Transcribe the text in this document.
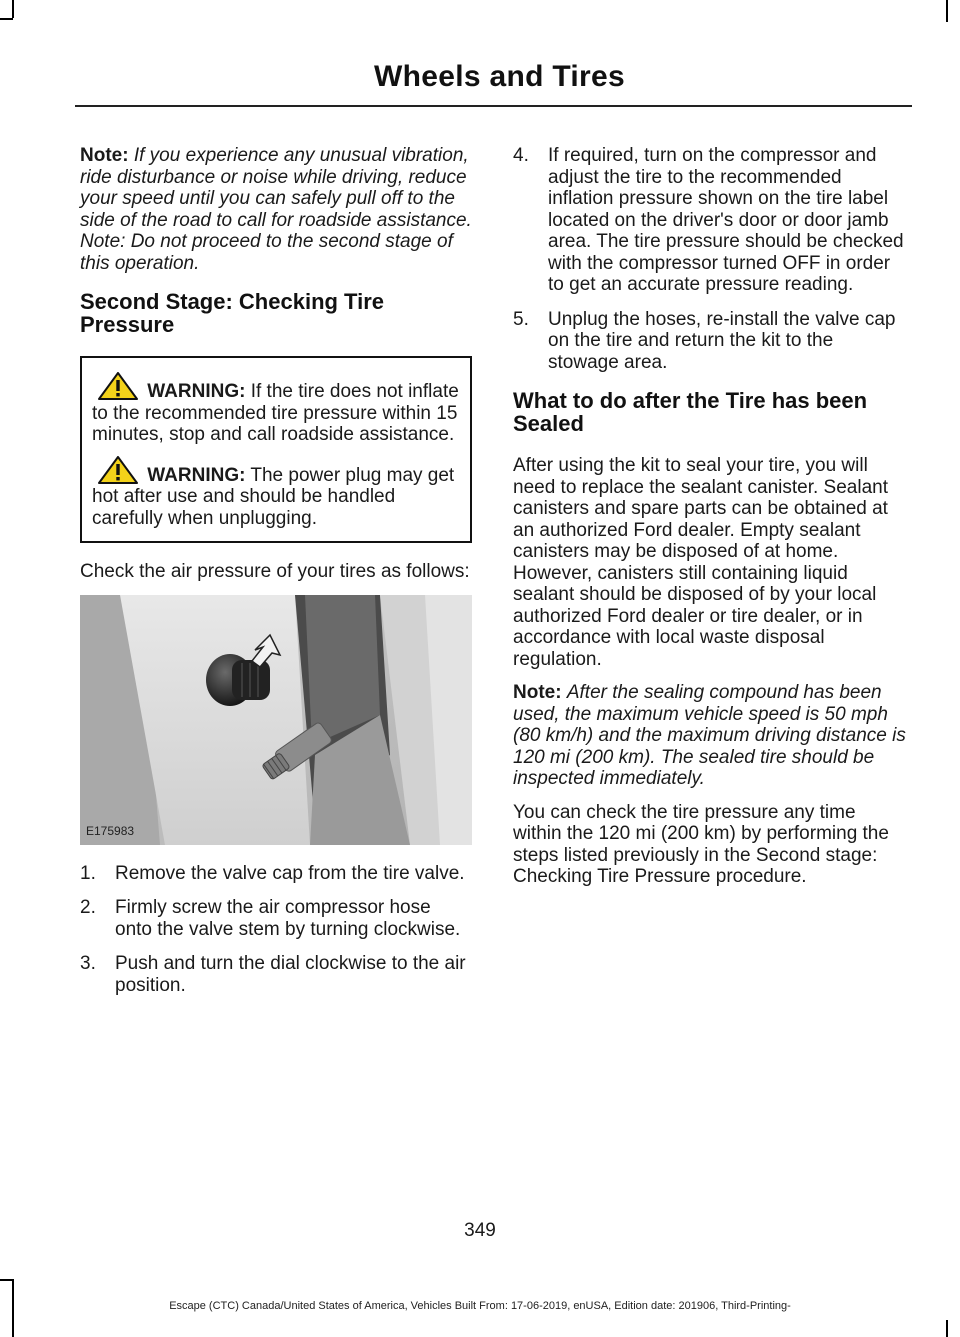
Wheels and Tires

Note: If you experience any unusual vibration, ride disturbance or noise while driving, reduce your speed until you can safely pull off to the side of the road to call for roadside assistance. Note: Do not proceed to the second stage of this operation.

Second Stage: Checking Tire Pressure

WARNING: If the tire does not inflate to the recommended tire pressure within 15 minutes, stop and call roadside assistance.

WARNING: The power plug may get hot after use and should be handled carefully when unplugging.

Check the air pressure of your tires as follows:

E175983
1. Remove the valve cap from the tire valve.
2. Firmly screw the air compressor hose onto the valve stem by turning clockwise.
3. Push and turn the dial clockwise to the air position.
4. If required, turn on the compressor and adjust the tire to the recommended inflation pressure shown on the tire label located on the driver's door or door jamb area. The tire pressure should be checked with the compressor turned OFF in order to get an accurate pressure reading.
5. Unplug the hoses, re-install the valve cap on the tire and return the kit to the stowage area.
What to do after the Tire has been Sealed

After using the kit to seal your tire, you will need to replace the sealant canister. Sealant canisters and spare parts can be obtained at an authorized Ford dealer. Empty sealant canisters may be disposed of at home. However, canisters still containing liquid sealant should be disposed of by your local authorized Ford dealer or tire dealer, or in accordance with local waste disposal regulation.

Note: After the sealing compound has been used, the maximum vehicle speed is 50 mph (80 km/h) and the maximum driving distance is 120 mi (200 km). The sealed tire should be inspected immediately.

You can check the tire pressure any time within the 120 mi (200 km) by performing the steps listed previously in the Second stage: Checking Tire Pressure procedure.

349
Escape (CTC) Canada/United States of America, Vehicles Built From: 17-06-2019, enUSA, Edition date: 201906, Third-Printing-
